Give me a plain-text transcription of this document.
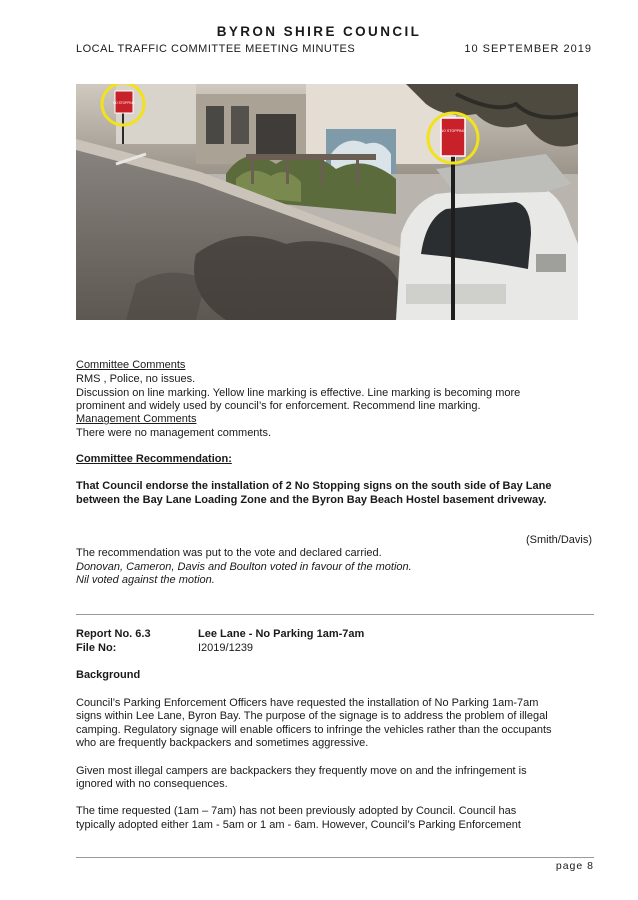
BYRON SHIRE COUNCIL
LOCAL TRAFFIC COMMITTEE MEETING MINUTES	10 SEPTEMBER 2019
NO STOPPING
NO STOPPING
Committee Comments
RMS , Police, no issues.
Discussion on line marking. Yellow line marking is effective. Line marking is becoming more
prominent and widely used by council’s for enforcement. Recommend line marking.
Management Comments
There were no management comments.
Committee Recommendation:
That Council endorse the installation of 2 No Stopping signs on the south side of Bay Lane
between the Bay Lane Loading Zone and the Byron Bay Beach Hostel basement driveway.
(Smith/Davis)
The recommendation was put to the vote and declared carried.
Donovan, Cameron, Davis and Boulton voted in favour of the motion.
Nil voted against the motion.
Report No. 6.3	Lee Lane - No Parking 1am-7am
File No:	I2019/1239
Background
Council’s Parking Enforcement Officers have requested the installation of No Parking 1am-7am
signs within Lee Lane, Byron Bay. The purpose of the signage is to address the problem of illegal
camping. Regulatory signage will enable officers to infringe the vehicles rather than the occupants
who are frequently backpackers and sometimes aggressive.
Given most illegal campers are backpackers they frequently move on and the infringement is
ignored with no consequences.
The time requested (1am – 7am) has not been previously adopted by Council. Council has
typically adopted either 1am - 5am or 1 am - 6am. However, Council’s Parking Enforcement
page 8
